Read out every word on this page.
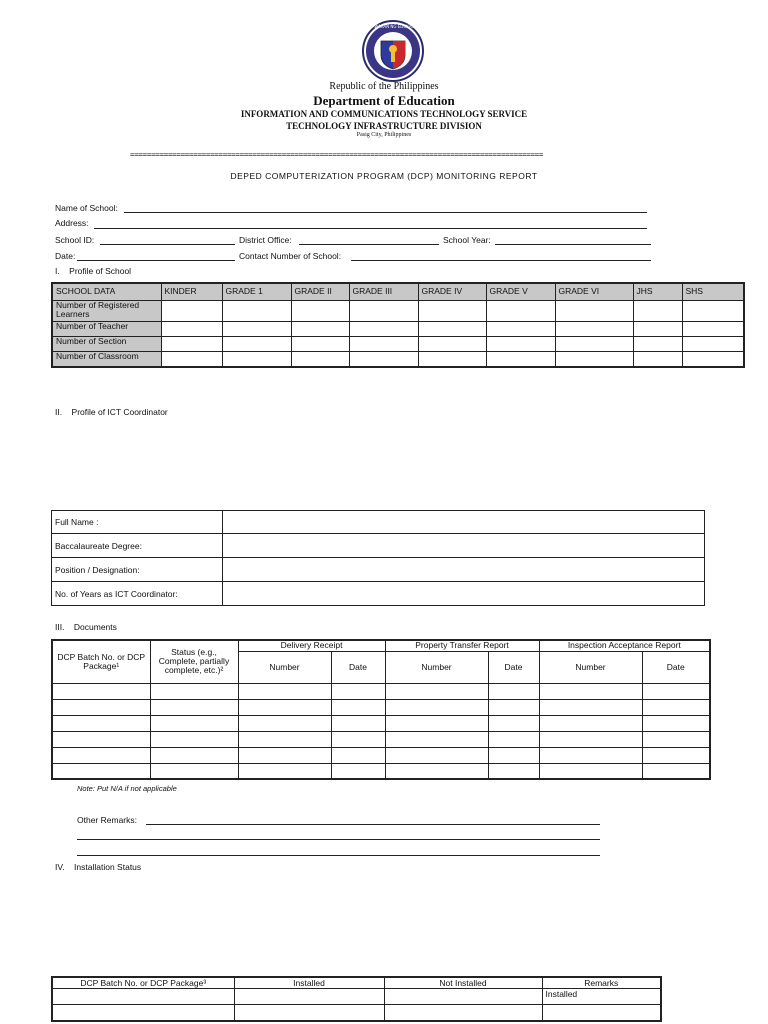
KAGAWARAN NG EDUKASYON
Republic of the Philippines
Department of Education
INFORMATION AND COMMUNICATIONS TECHNOLOGY SERVICE
TECHNOLOGY INFRASTRUCTURE DIVISION
Pasig City, Philippines
==================================================================================================
DEPED COMPUTERIZATION PROGRAM (DCP) MONITORING REPORT
Name of School:
Address:
School ID:	District Office:	School Year:
Date:	Contact Number of School:
I.    Profile of School
SCHOOL DATA	KINDER	GRADE 1	GRADE II	GRADE III	GRADE IV	GRADE V	GRADE VI	JHS	SHS
Number of Registered Learners									
Number of Teacher									
Number of Section									
Number of Classroom									
II.    Profile of ICT Coordinator
Full Name :	
Baccalaureate Degree:	
Position / Designation:	
No. of Years as ICT Coordinator:	
III.    Documents
DCP Batch No. or DCP Package¹	Status (e.g., Complete, partially complete, etc.)²	Delivery Receipt		Property Transfer Report		Inspection Acceptance Report	
		Number	Date	Number	Date	Number	Date

Note: Put N/A if not applicable
Other Remarks:
IV.    Installation Status
DCP Batch No. or DCP Package³	Installed	Not Installed	Remarks
			Installed
